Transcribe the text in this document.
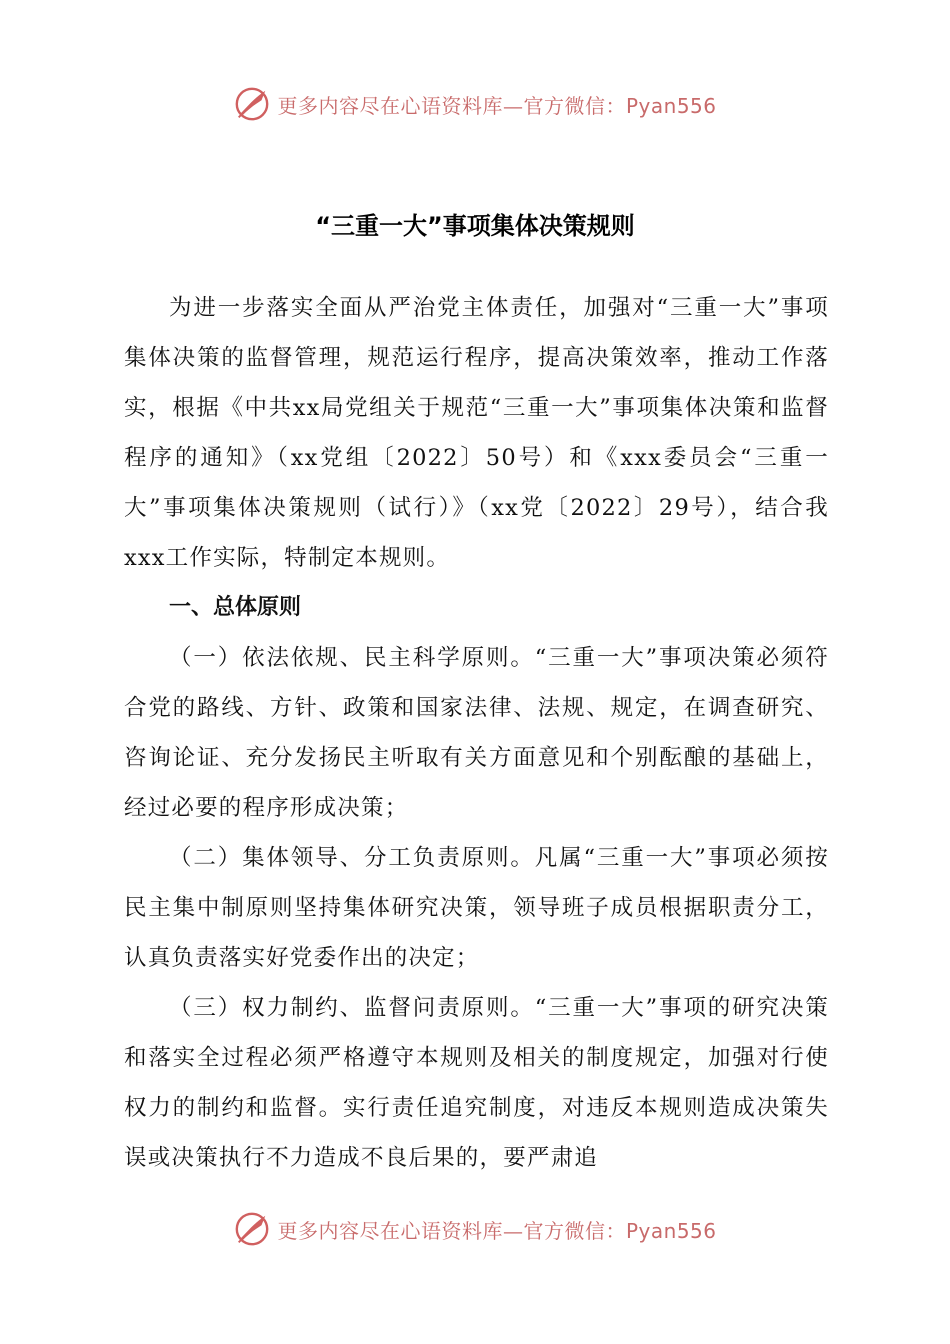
更多内容尽在心语资料库—官方微信：Pyan556
“三重一大”事项集体决策规则

为进一步落实全面从严治党主体责任，加强对“三重一大”事项集体决策的监督管理，规范运行程序，提高决策效率，推动工作落实，根据《中共xx局党组关于规范“三重一大”事项集体决策和监督程序的通知》（xx党组〔2022〕50号）和《xxx委员会“三重一大”事项集体决策规则（试行）》（xx党〔2022〕29号），结合我xxx工作实际，特制定本规则。

一、总体原则

（一）依法依规、民主科学原则。“三重一大”事项决策必须符合党的路线、方针、政策和国家法律、法规、规定，在调查研究、咨询论证、充分发扬民主听取有关方面意见和个别酝酿的基础上，经过必要的程序形成决策；

（二）集体领导、分工负责原则。凡属“三重一大”事项必须按民主集中制原则坚持集体研究决策，领导班子成员根据职责分工，认真负责落实好党委作出的决定；

（三）权力制约、监督问责原则。“三重一大”事项的研究决策和落实全过程必须严格遵守本规则及相关的制度规定，加强对行使权力的制约和监督。实行责任追究制度，对违反本规则造成决策失误或决策执行不力造成不良后果的，要严肃追

更多内容尽在心语资料库—官方微信：Pyan556
